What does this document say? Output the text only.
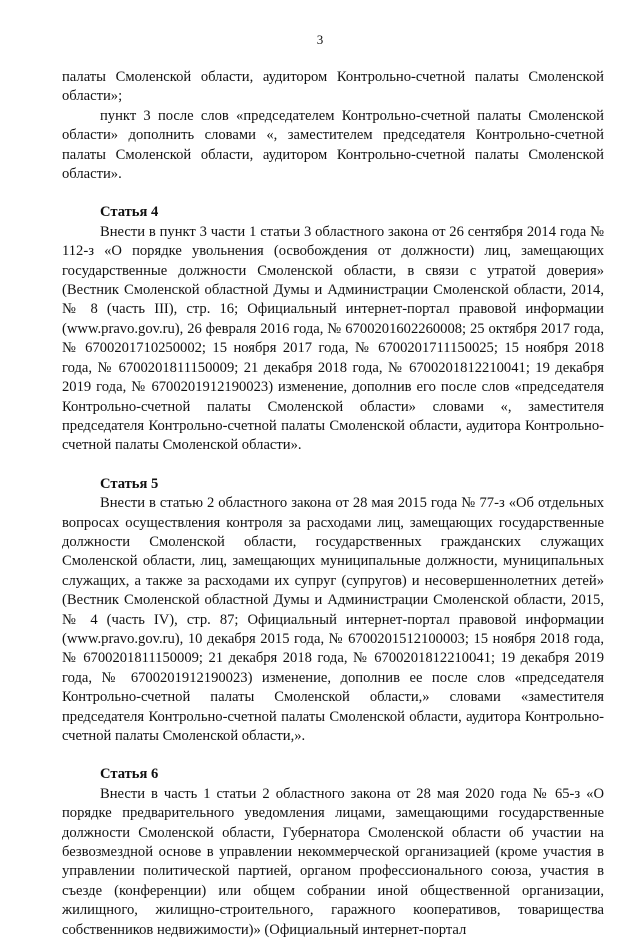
3

палаты Смоленской области, аудитором Контрольно-счетной палаты Смоленской области»;

пункт 3 после слов «председателем Контрольно-счетной палаты Смоленской области» дополнить словами «, заместителем председателя Контрольно-счетной палаты Смоленской области, аудитором Контрольно-счетной палаты Смоленской области».

Статья 4

Внести в пункт 3 части 1 статьи 3 областного закона от 26 сентября 2014 года № 112-з «О порядке увольнения (освобождения от должности) лиц, замещающих государственные должности Смоленской области, в связи с утратой доверия» (Вестник Смоленской областной Думы и Администрации Смоленской области, 2014, № 8 (часть III), стр. 16; Официальный интернет-портал правовой информации (www.pravo.gov.ru), 26 февраля 2016 года, № 6700201602260008; 25 октября 2017 года, № 6700201710250002; 15 ноября 2017 года, № 6700201711150025; 15 ноября 2018 года, № 6700201811150009; 21 декабря 2018 года, № 6700201812210041; 19 декабря 2019 года, № 6700201912190023) изменение, дополнив его после слов «председателя Контрольно-счетной палаты Смоленской области» словами «, заместителя председателя Контрольно-счетной палаты Смоленской области, аудитора Контрольно-счетной палаты Смоленской области».

Статья 5

Внести в статью 2 областного закона от 28 мая 2015 года № 77-з «Об отдельных вопросах осуществления контроля за расходами лиц, замещающих государственные должности Смоленской области, государственных гражданских служащих Смоленской области, лиц, замещающих муниципальные должности, муниципальных служащих, а также за расходами их супруг (супругов) и несовершеннолетних детей» (Вестник Смоленской областной Думы и Администрации Смоленской области, 2015, № 4 (часть IV), стр. 87; Официальный интернет-портал правовой информации (www.pravo.gov.ru), 10 декабря 2015 года, № 6700201512100003; 15 ноября 2018 года, № 6700201811150009; 21 декабря 2018 года, № 6700201812210041; 19 декабря 2019 года, № 6700201912190023) изменение, дополнив ее после слов «председателя Контрольно-счетной палаты Смоленской области,» словами «заместителя председателя Контрольно-счетной палаты Смоленской области, аудитора Контрольно-счетной палаты Смоленской области,».

Статья 6

Внести в часть 1 статьи 2 областного закона от 28 мая 2020 года № 65-з «О порядке предварительного уведомления лицами, замещающими государственные должности Смоленской области, Губернатора Смоленской области об участии на безвозмездной основе в управлении некоммерческой организацией (кроме участия в управлении политической партией, органом профессионального союза, участия в съезде (конференции) или общем собрании иной общественной организации, жилищного, жилищно-строительного, гаражного кооперативов, товарищества собственников недвижимости)» (Официальный интернет-портал
